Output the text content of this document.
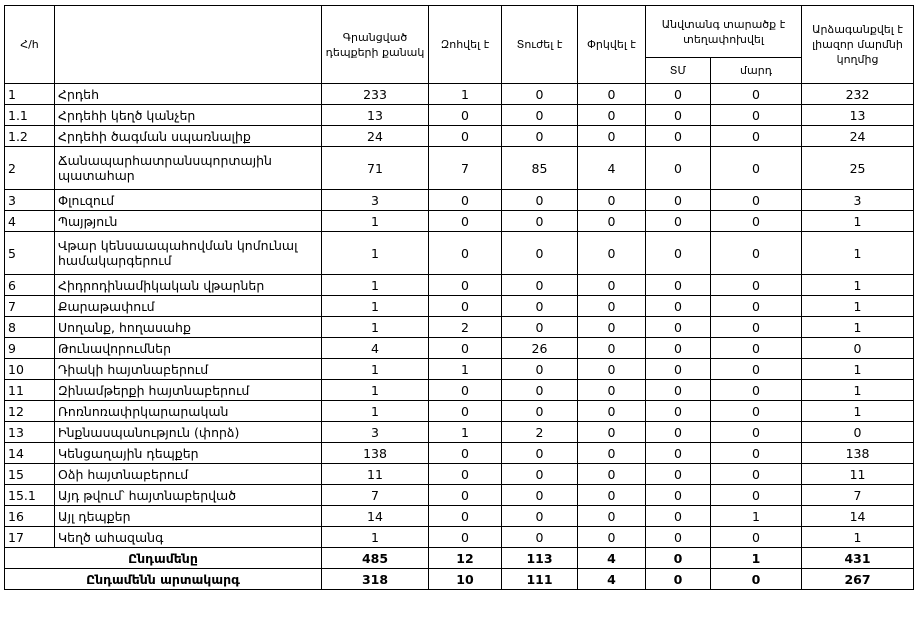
Հ/հ		Գրանցված դեպքերի քանակ	Զոհվել է	Տուժել է	Փրկվել է	Անվտանգ տարածք է տեղափոխվել		Արձագանքվել է լիազոր մարմնի կողմից
						ՏՄ	մարդ	
1	Հրդեհ	233	1	0	0	0	0	232
1.1	Հրդեհի կեղծ կանչեր	13	0	0	0	0	0	13
1.2	Հրդեհի ծագման սպառնալիք	24	0	0	0	0	0	24
2	Ճանապարհատրանսպորտային պատահար	71	7	85	4	0	0	25
3	Փլուզում	3	0	0	0	0	0	3
4	Պայթյուն	1	0	0	0	0	0	1
5	Վթար կենսաապահովման կոմունալ համակարգերում	1	0	0	0	0	0	1
6	Հիդրոդինամիկական վթարներ	1	0	0	0	0	0	1
7	Քարաթափում	1	0	0	0	0	0	1
8	Սողանք, հողասահք	1	2	0	0	0	0	1
9	Թունավորումներ	4	0	26	0	0	0	0
10	Դիակի հայտնաբերում	1	1	0	0	0	0	1
11	Զինամթերքի հայտնաբերում	1	0	0	0	0	0	1
12	Ռոռնոռափրկարարական	1	0	0	0	0	0	1
13	Ինքնասպանություն (փորձ)	3	1	2	0	0	0	0
14	Կենցաղային դեպքեր	138	0	0	0	0	0	138
15	Օձի հայտնաբերում	11	0	0	0	0	0	11
15.1	Այդ թվում՝ հայտնաբերված	7	0	0	0	0	0	7
16	Այլ դեպքեր	14	0	0	0	0	1	14
17	Կեղծ ահազանգ	1	0	0	0	0	0	1
Ընդամենը		485	12	113	4	0	1	431
Ընդամենն արտակարգ		318	10	111	4	0	0	267
